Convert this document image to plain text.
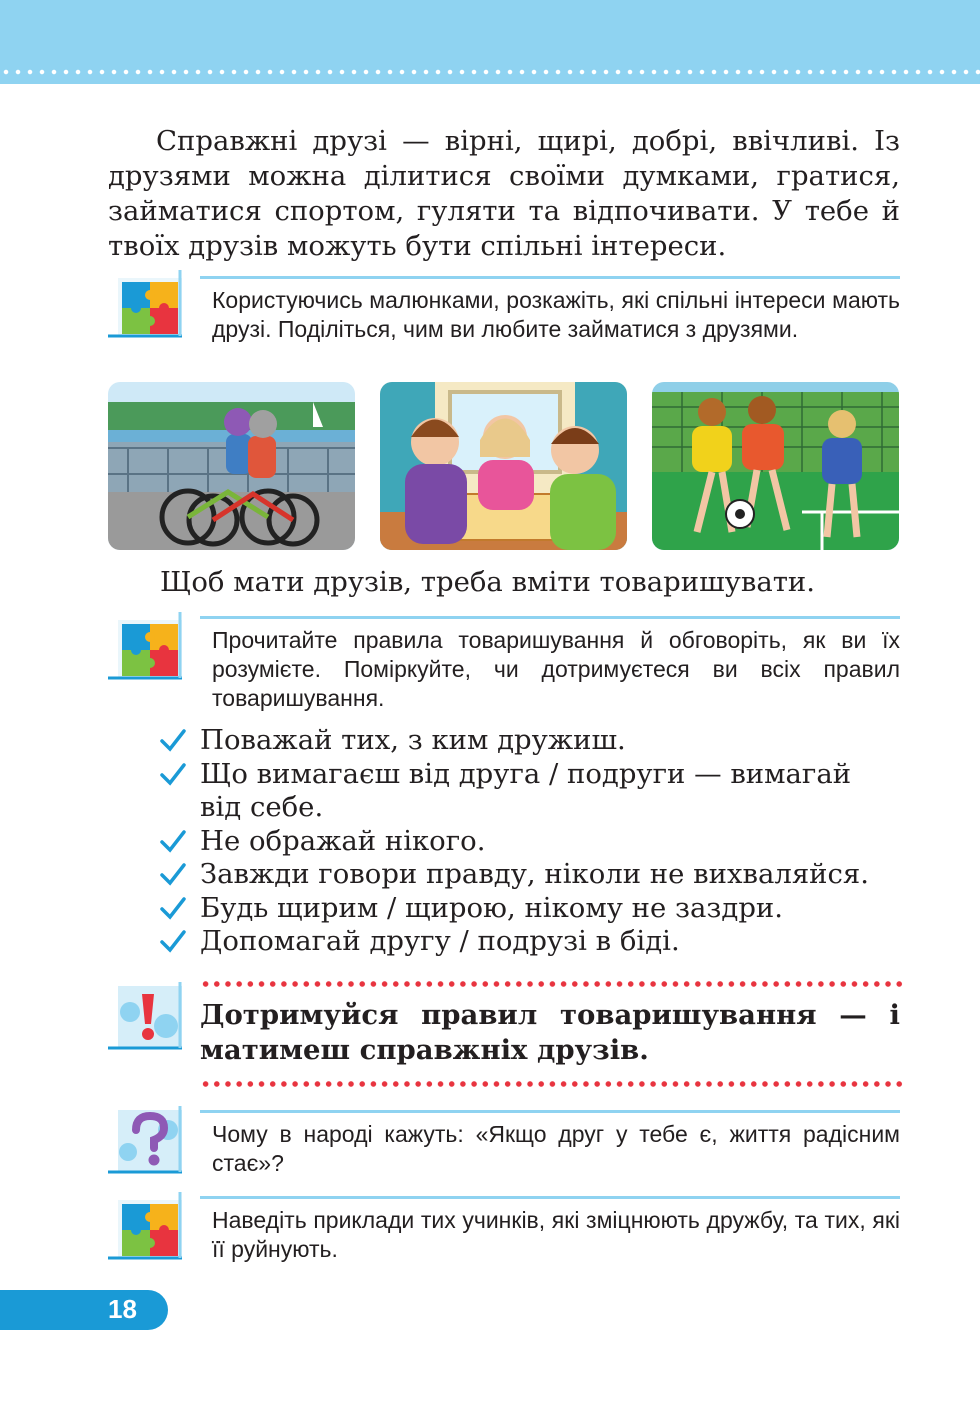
Справжні друзі — вірні, щирі, добрі, ввічливі. Із друзями можна ділитися своїми думками, гратися, займатися спортом, гуляти та відпочивати. У тебе й твоїх друзів можуть бути спільні інтереси.

Користуючись малюнками, розкажіть, які спільні інтереси мають друзі. Поділіться, чим ви любите займатися з друзями.

Щоб мати друзів, треба вміти товаришувати.

Прочитайте правила товаришування й обговоріть, як ви їх розумієте. Поміркуйте, чи дотримуєтеся ви всіх правил товаришування.

Поважай тих, з ким дружиш.
Що вимагаєш від друга / подруги — вимагай від себе.
Не ображай нікого.
Завжди говори правду, ніколи не вихваляйся.
Будь щирим / щирою, нікому не заздри.
Допомагай другу / подрузі в біді.

Дотримуйся правил товаришування — і матимеш справжніх друзів.

Чому в народі кажуть: «Якщо друг у тебе є, життя радісним стає»?

Наведіть приклади тих учинків, які зміцнюють дружбу, та тих, які її руйнують.

18
